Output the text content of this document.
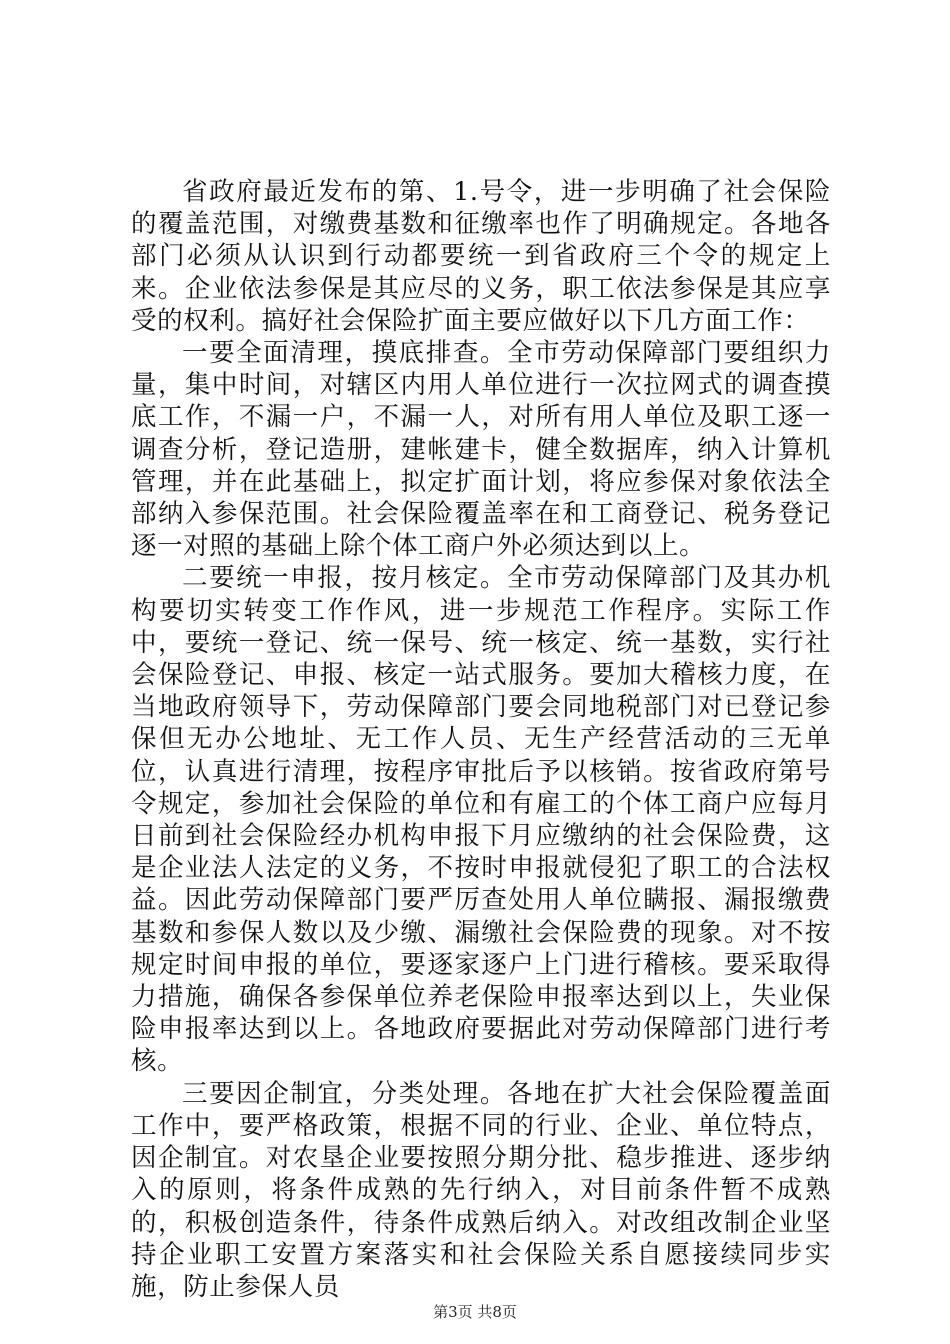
省政府最近发布的第、1.号令，进一步明确了社会保险的覆盖范围，对缴费基数和征缴率也作了明确规定。各地各部门必须从认识到行动都要统一到省政府三个令的规定上来。企业依法参保是其应尽的义务，职工依法参保是其应享受的权利。搞好社会保险扩面主要应做好以下几方面工作：

一要全面清理，摸底排查。全市劳动保障部门要组织力量，集中时间，对辖区内用人单位进行一次拉网式的调查摸底工作，不漏一户，不漏一人，对所有用人单位及职工逐一调查分析，登记造册，建帐建卡，健全数据库，纳入计算机管理，并在此基础上，拟定扩面计划，将应参保对象依法全部纳入参保范围。社会保险覆盖率在和工商登记、税务登记逐一对照的基础上除个体工商户外必须达到以上。

二要统一申报，按月核定。全市劳动保障部门及其办机构要切实转变工作作风，进一步规范工作程序。实际工作中，要统一登记、统一保号、统一核定、统一基数，实行社会保险登记、申报、核定一站式服务。要加大稽核力度，在当地政府领导下，劳动保障部门要会同地税部门对已登记参保但无办公地址、无工作人员、无生产经营活动的三无单位，认真进行清理，按程序审批后予以核销。按省政府第号令规定，参加社会保险的单位和有雇工的个体工商户应每月日前到社会保险经办机构申报下月应缴纳的社会保险费，这是企业法人法定的义务，不按时申报就侵犯了职工的合法权益。因此劳动保障部门要严厉查处用人单位瞒报、漏报缴费基数和参保人数以及少缴、漏缴社会保险费的现象。对不按规定时间申报的单位，要逐家逐户上门进行稽核。要采取得力措施，确保各参保单位养老保险申报率达到以上，失业保险申报率达到以上。各地政府要据此对劳动保障部门进行考核。

三要因企制宜，分类处理。各地在扩大社会保险覆盖面工作中，要严格政策，根据不同的行业、企业、单位特点，因企制宜。对农垦企业要按照分期分批、稳步推进、逐步纳入的原则，将条件成熟的先行纳入，对目前条件暂不成熟的，积极创造条件，待条件成熟后纳入。对改组改制企业坚持企业职工安置方案落实和社会保险关系自愿接续同步实施，防止参保人员

第3页 共8页
